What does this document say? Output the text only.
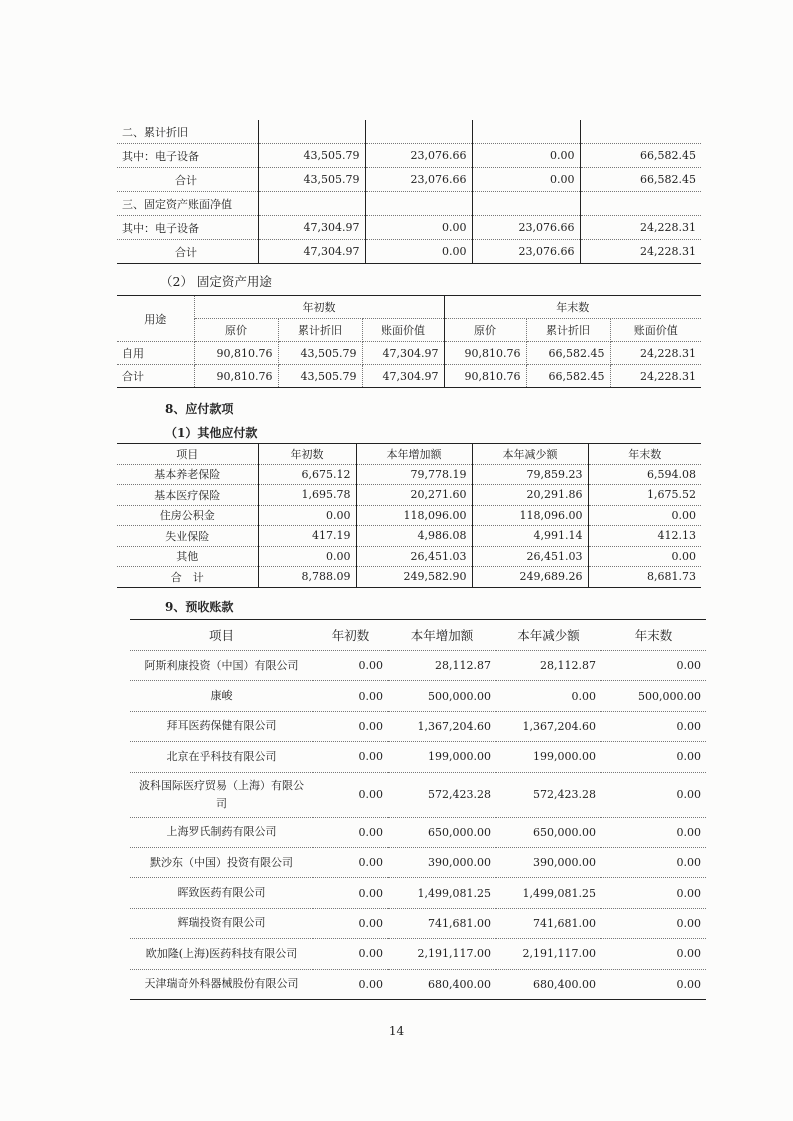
二、累计折旧				
其中：电子设备	43,505.79	23,076.66	0.00	66,582.45
合计	43,505.79	23,076.66	0.00	66,582.45
三、固定资产账面净值				
其中：电子设备	47,304.97	0.00	23,076.66	24,228.31
合计	47,304.97	0.00	23,076.66	24,228.31
（2） 固定资产用途
用途	年初数			年末数		
	原价	累计折旧	账面价值	原价	累计折旧	账面价值
自用	90,810.76	43,505.79	47,304.97	90,810.76	66,582.45	24,228.31
合计	90,810.76	43,505.79	47,304.97	90,810.76	66,582.45	24,228.31
8、应付款项
（1）其他应付款
项目	年初数	本年增加额	本年减少额	年末数
基本养老保险	6,675.12	79,778.19	79,859.23	6,594.08
基本医疗保险	1,695.78	20,271.60	20,291.86	1,675.52
住房公积金	0.00	118,096.00	118,096.00	0.00
失业保险	417.19	4,986.08	4,991.14	412.13
其他	0.00	26,451.03	26,451.03	0.00
合　计	8,788.09	249,582.90	249,689.26	8,681.73
9、预收账款
项目	年初数	本年增加额	本年减少额	年末数
阿斯利康投资（中国）有限公司	0.00	28,112.87	28,112.87	0.00
康峻	0.00	500,000.00	0.00	500,000.00
拜耳医药保健有限公司	0.00	1,367,204.60	1,367,204.60	0.00
北京在乎科技有限公司	0.00	199,000.00	199,000.00	0.00
波科国际医疗贸易（上海）有限公司	0.00	572,423.28	572,423.28	0.00
上海罗氏制药有限公司	0.00	650,000.00	650,000.00	0.00
默沙东（中国）投资有限公司	0.00	390,000.00	390,000.00	0.00
晖致医药有限公司	0.00	1,499,081.25	1,499,081.25	0.00
辉瑞投资有限公司	0.00	741,681.00	741,681.00	0.00
欧加隆(上海)医药科技有限公司	0.00	2,191,117.00	2,191,117.00	0.00
天津瑞奇外科器械股份有限公司	0.00	680,400.00	680,400.00	0.00
14
